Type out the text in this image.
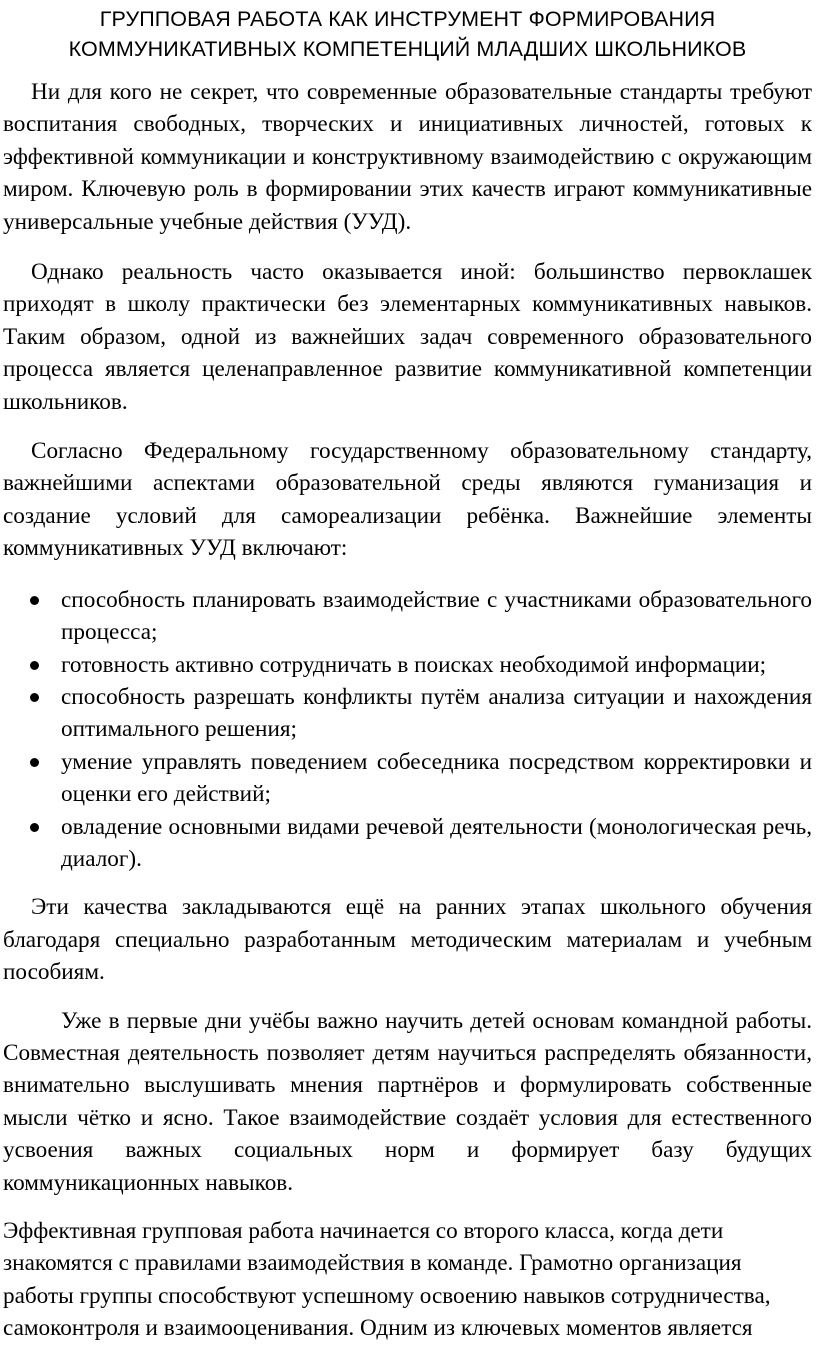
ГРУППОВАЯ РАБОТА КАК ИНСТРУМЕНТ ФОРМИРОВАНИЯ КОММУНИКАТИВНЫХ КОМПЕТЕНЦИЙ МЛАДШИХ ШКОЛЬНИКОВ

Ни для кого не секрет, что современные образовательные стандарты требуют воспитания свободных, творческих и инициативных личностей, готовых к эффективной коммуникации и конструктивному взаимодействию с окружающим миром. Ключевую роль в формировании этих качеств играют коммуникативные универсальные учебные действия (УУД).

Однако реальность часто оказывается иной: большинство первоклашек приходят в школу практически без элементарных коммуникативных навыков. Таким образом, одной из важнейших задач современного образовательного процесса является целенаправленное развитие коммуникативной компетенции школьников.

Согласно Федеральному государственному образовательному стандарту, важнейшими аспектами образовательной среды являются гуманизация и создание условий для самореализации ребёнка. Важнейшие элементы коммуникативных УУД включают:

способность планировать взаимодействие с участниками образовательного процесса;
готовность активно сотрудничать в поисках необходимой информации;
способность разрешать конфликты путём анализа ситуации и нахождения оптимального решения;
умение управлять поведением собеседника посредством корректировки и оценки его действий;
овладение основными видами речевой деятельности (монологическая речь, диалог).

Эти качества закладываются ещё на ранних этапах школьного обучения благодаря специально разработанным методическим материалам и учебным пособиям.

Уже в первые дни учёбы важно научить детей основам командной работы. Совместная деятельность позволяет детям научиться распределять обязанности, внимательно выслушивать мнения партнёров и формулировать собственные мысли чётко и ясно. Такое взаимодействие создаёт условия для естественного усвоения важных социальных норм и формирует базу будущих коммуникационных навыков.

Эффективная групповая работа начинается со второго класса, когда дети знакомятся с правилами взаимодействия в команде. Грамотно организация работы группы способствуют успешному освоению навыков сотрудничества, самоконтроля и взаимооценивания. Одним из ключевых моментов является
